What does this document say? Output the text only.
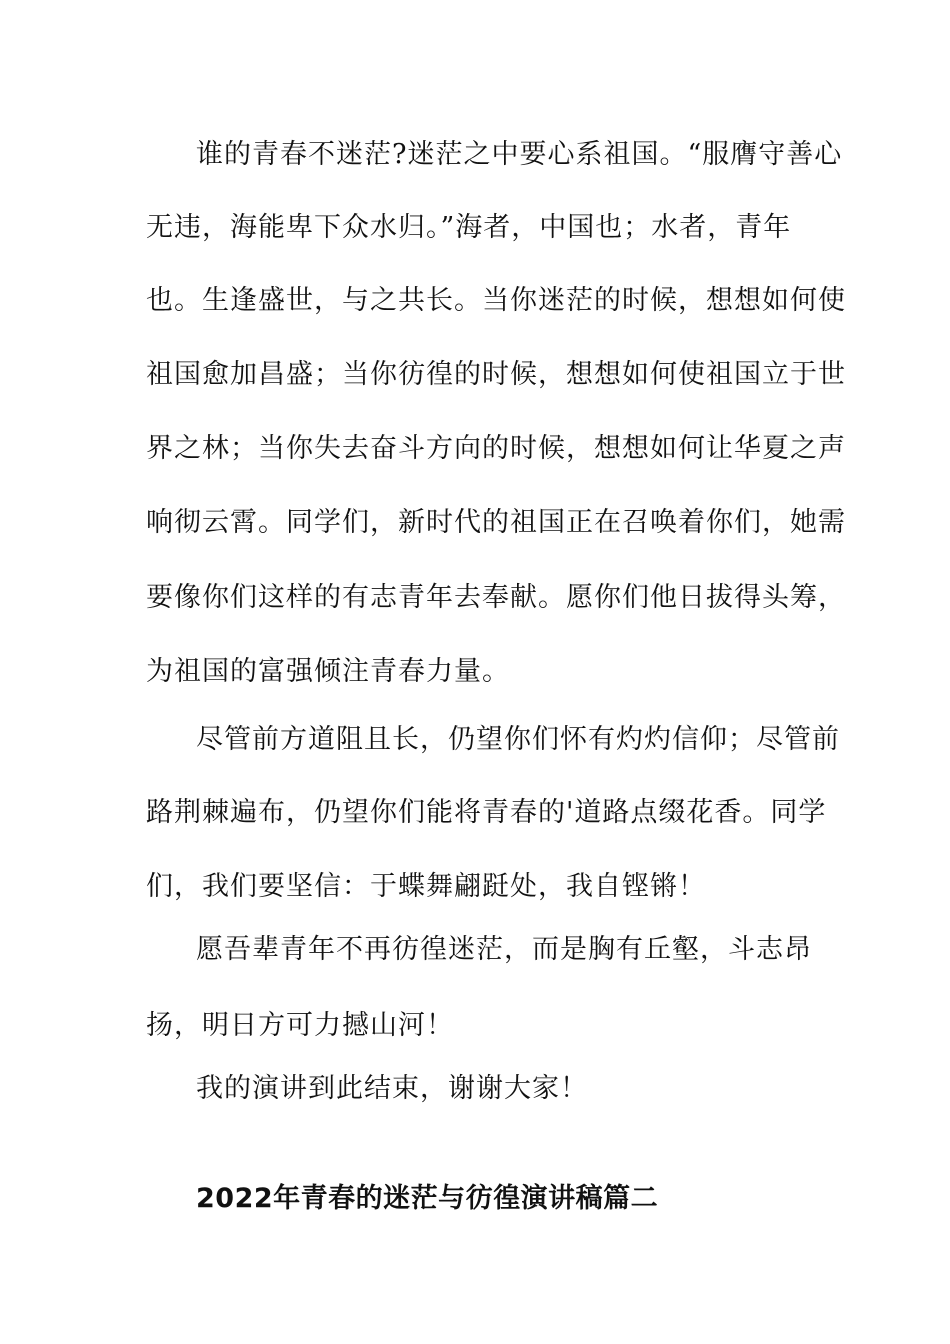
谁的青春不迷茫?迷茫之中要心系祖国。“服膺守善心

无违，海能卑下众水归。”海者，中国也；水者，青年

也。生逢盛世，与之共长。当你迷茫的时候，想想如何使

祖国愈加昌盛；当你彷徨的时候，想想如何使祖国立于世

界之林；当你失去奋斗方向的时候，想想如何让华夏之声

响彻云霄。同学们，新时代的祖国正在召唤着你们，她需

要像你们这样的有志青年去奉献。愿你们他日拔得头筹，

为祖国的富强倾注青春力量。

尽管前方道阻且长，仍望你们怀有灼灼信仰；尽管前

路荆棘遍布，仍望你们能将青春的'道路点缀花香。同学

们，我们要坚信：于蝶舞翩跹处，我自铿锵！

愿吾辈青年不再彷徨迷茫，而是胸有丘壑，斗志昂

扬，明日方可力撼山河！

我的演讲到此结束，谢谢大家！

2022年青春的迷茫与彷徨演讲稿篇二
